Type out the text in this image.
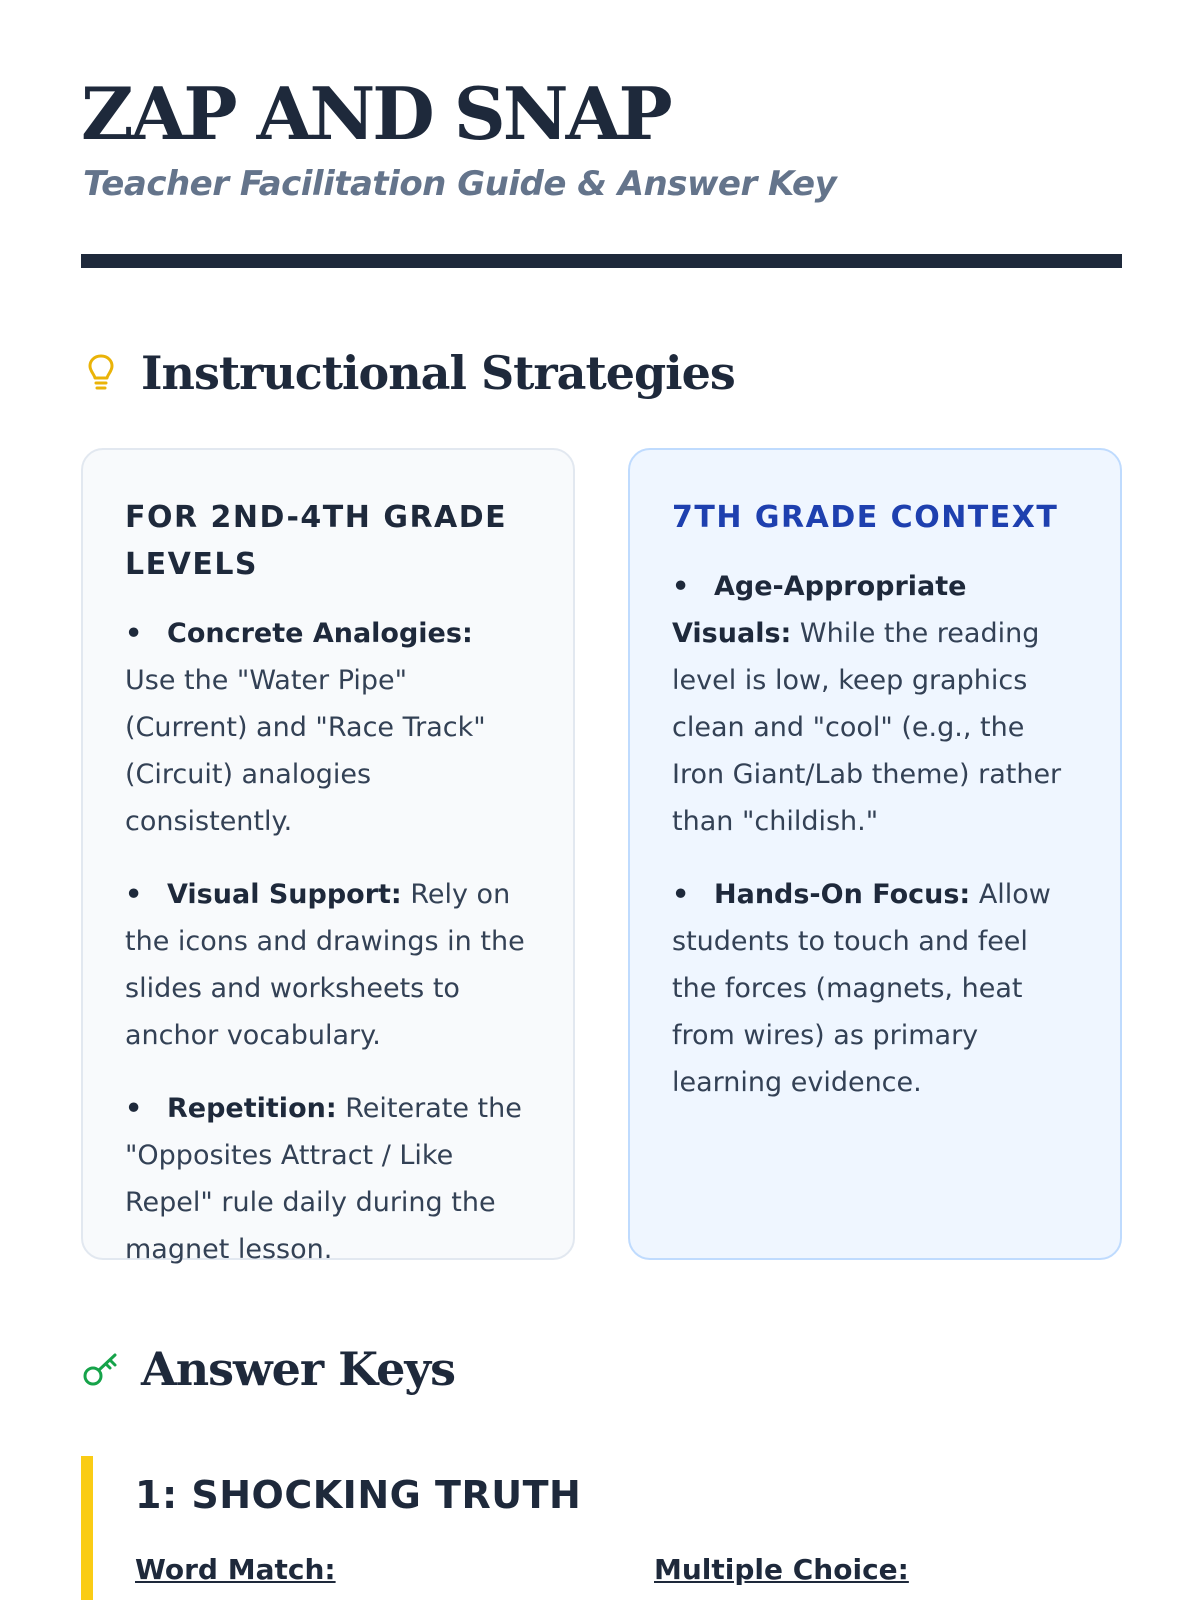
ZAP AND SNAP

Teacher Facilitation Guide & Answer Key

Instructional Strategies
FOR 2ND-4TH GRADE LEVELS
• Concrete Analogies: Use the "Water Pipe" (Current) and "Race Track" (Circuit) analogies consistently.
• Visual Support: Rely on the icons and drawings in the slides and worksheets to anchor vocabulary.
• Repetition: Reiterate the "Opposites Attract / Like Repel" rule daily during the magnet lesson.
7TH GRADE CONTEXT
• Age-Appropriate Visuals: While the reading level is low, keep graphics clean and "cool" (e.g., the Iron Giant/Lab theme) rather than "childish."
• Hands-On Focus: Allow students to touch and feel the forces (magnets, heat from wires) as primary learning evidence.
Answer Keys
1: SHOCKING TRUTH

Word Match:	Multiple Choice:
